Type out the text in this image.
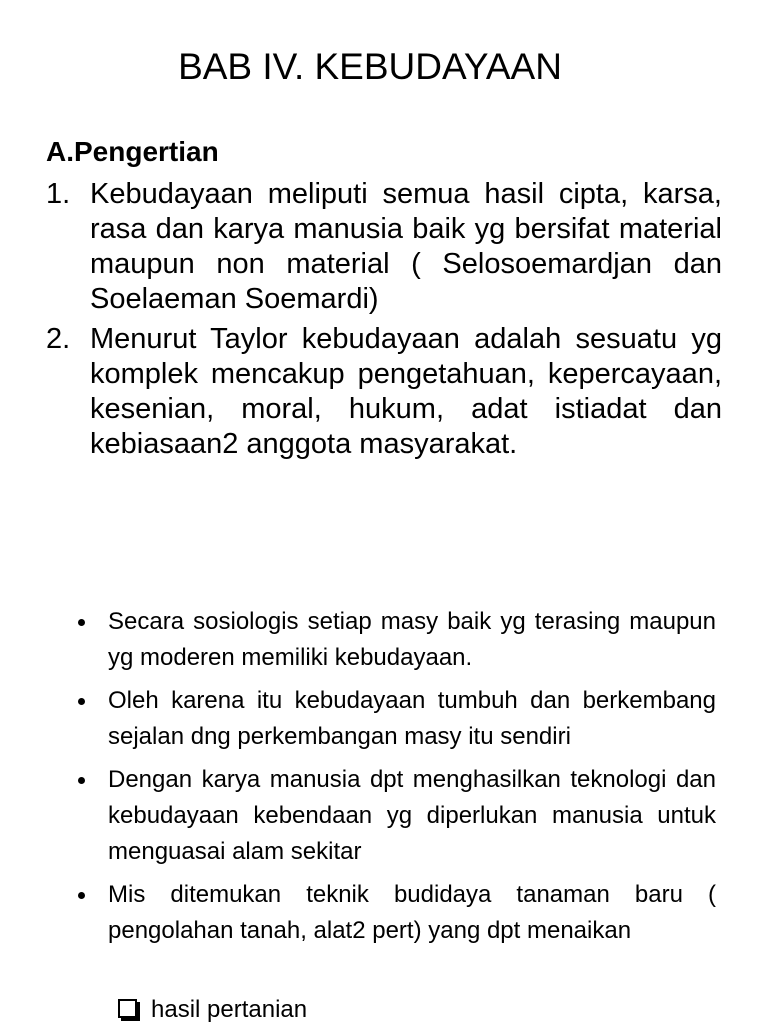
BAB IV. KEBUDAYAAN
A.Pengertian
1. Kebudayaan meliputi semua hasil cipta, karsa, rasa dan karya manusia baik yg bersifat material maupun non material ( Selosoemardjan dan Soelaeman Soemardi)
2. Menurut Taylor kebudayaan adalah sesuatu yg komplek mencakup pengetahuan, kepercayaan, kesenian, moral, hukum, adat istiadat dan kebiasaan2 anggota masyarakat.
Secara sosiologis setiap masy baik yg terasing maupun yg moderen memiliki kebudayaan.
Oleh karena itu kebudayaan tumbuh dan berkembang sejalan dng perkembangan masy itu sendiri
Dengan karya manusia dpt menghasilkan teknologi dan kebudayaan kebendaan yg diperlukan manusia untuk menguasai alam sekitar
Mis ditemukan teknik budidaya tanaman baru ( pengolahan tanah, alat2 pert) yang dpt menaikan
hasil pertanian
